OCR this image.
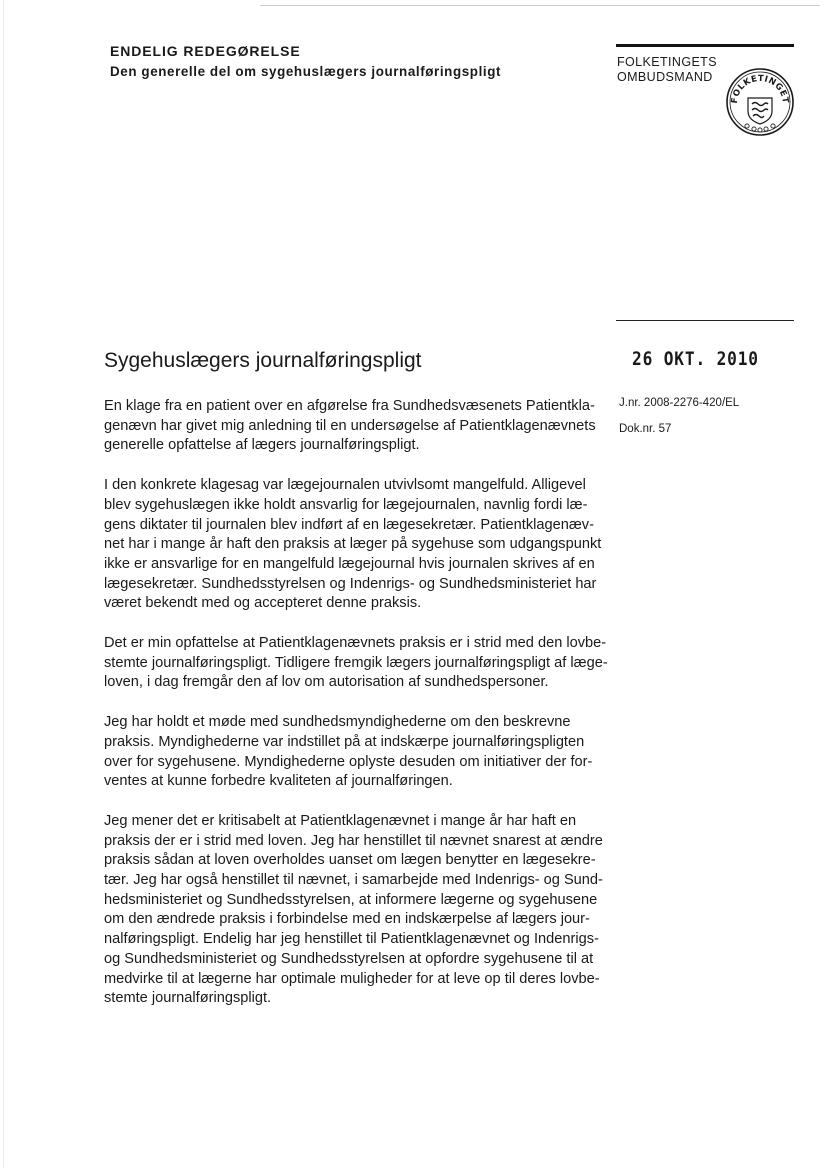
ENDELIG REDEGØRELSE
Den generelle del om sygehuslægers journalføringspligt
FOLKETINGETS
OMBUDSMAND
FOLKETINGET
Sygehuslægers journalføringspligt	26 OKT. 2010
J.nr. 2008-2276-420/EL
Dok.nr. 57
En klage fra en patient over en afgørelse fra Sundhedsvæsenets Patientkla-
genævn har givet mig anledning til en undersøgelse af Patientklagenævnets
generelle opfattelse af lægers journalføringspligt.
I den konkrete klagesag var lægejournalen utvivlsomt mangelfuld. Alligevel
blev sygehuslægen ikke holdt ansvarlig for lægejournalen, navnlig fordi læ-
gens diktater til journalen blev indført af en lægesekretær. Patientklagenæv-
net har i mange år haft den praksis at læger på sygehuse som udgangspunkt
ikke er ansvarlige for en mangelfuld lægejournal hvis journalen skrives af en
lægesekretær. Sundhedsstyrelsen og Indenrigs- og Sundhedsministeriet har
været bekendt med og accepteret denne praksis.
Det er min opfattelse at Patientklagenævnets praksis er i strid med den lovbe-
stemte journalføringspligt. Tidligere fremgik lægers journalføringspligt af læge-
loven, i dag fremgår den af lov om autorisation af sundhedspersoner.
Jeg har holdt et møde med sundhedsmyndighederne om den beskrevne
praksis. Myndighederne var indstillet på at indskærpe journalføringspligten
over for sygehusene. Myndighederne oplyste desuden om initiativer der for-
ventes at kunne forbedre kvaliteten af journalføringen.
Jeg mener det er kritisabelt at Patientklagenævnet i mange år har haft en
praksis der er i strid med loven. Jeg har henstillet til nævnet snarest at ændre
praksis sådan at loven overholdes uanset om lægen benytter en lægesekre-
tær. Jeg har også henstillet til nævnet, i samarbejde med Indenrigs- og Sund-
hedsministeriet og Sundhedsstyrelsen, at informere lægerne og sygehusene
om den ændrede praksis i forbindelse med en indskærpelse af lægers jour-
nalføringspligt. Endelig har jeg henstillet til Patientklagenævnet og Indenrigs-
og Sundhedsministeriet og Sundhedsstyrelsen at opfordre sygehusene til at
medvirke til at lægerne har optimale muligheder for at leve op til deres lovbe-
stemte journalføringspligt.
